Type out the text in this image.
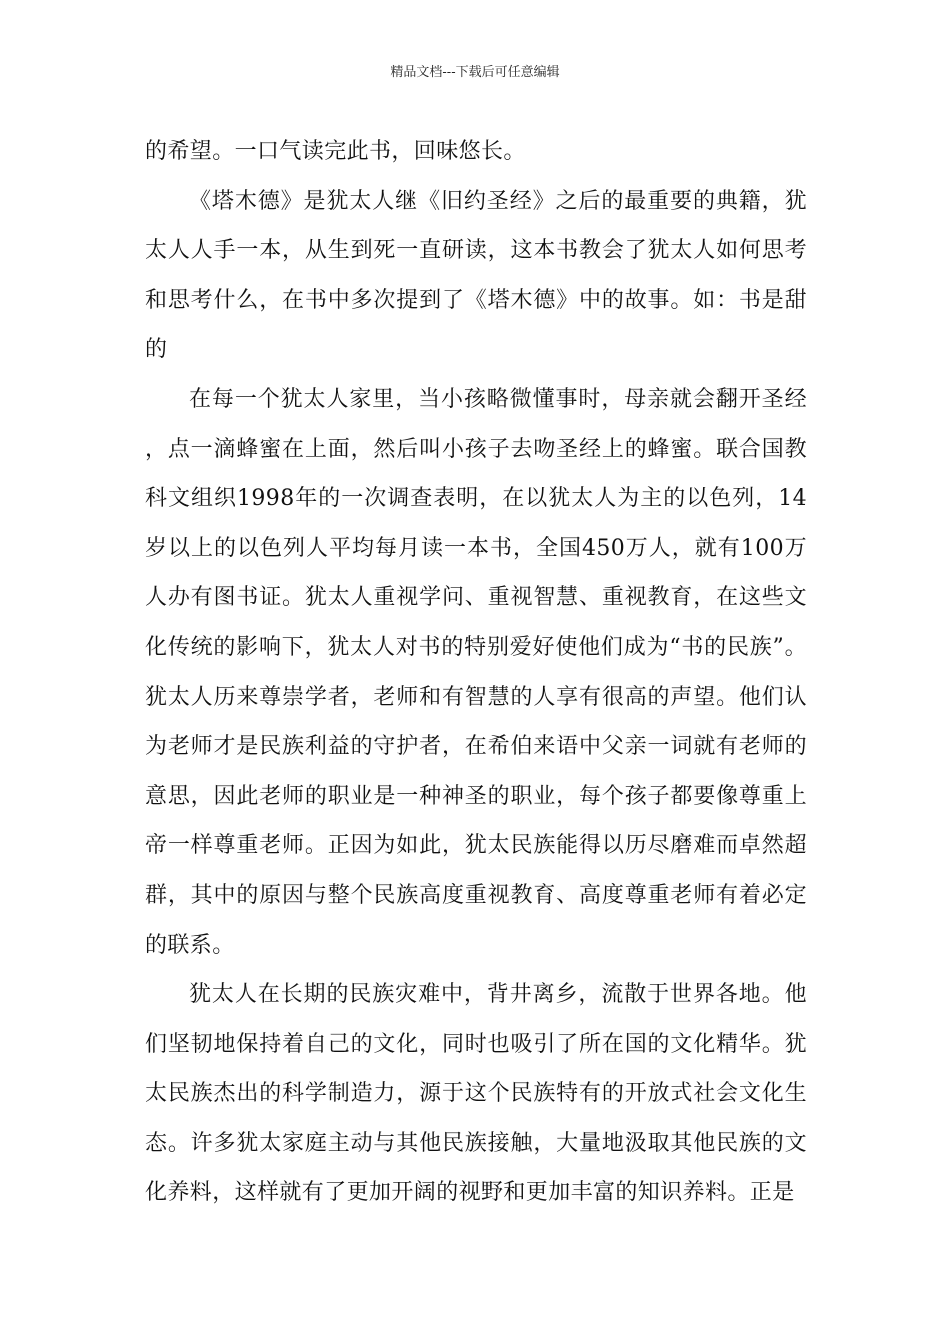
精品文档---下载后可任意编辑

的希望。一口气读完此书，回味悠长。

《塔木德》是犹太人继《旧约圣经》之后的最重要的典籍，犹太人人手一本，从生到死一直研读，这本书教会了犹太人如何思考和思考什么，在书中多次提到了《塔木德》中的故事。如：书是甜的

在每一个犹太人家里，当小孩略微懂事时，母亲就会翻开圣经，点一滴蜂蜜在上面，然后叫小孩子去吻圣经上的蜂蜜。联合国教科文组织1998年的一次调查表明，在以犹太人为主的以色列，14岁以上的以色列人平均每月读一本书，全国450万人，就有100万人办有图书证。犹太人重视学问、重视智慧、重视教育，在这些文化传统的影响下，犹太人对书的特别爱好使他们成为“书的民族”。犹太人历来尊崇学者，老师和有智慧的人享有很高的声望。他们认为老师才是民族利益的守护者，在希伯来语中父亲一词就有老师的意思，因此老师的职业是一种神圣的职业，每个孩子都要像尊重上帝一样尊重老师。正因为如此，犹太民族能得以历尽磨难而卓然超群，其中的原因与整个民族高度重视教育、高度尊重老师有着必定的联系。

犹太人在长期的民族灾难中，背井离乡，流散于世界各地。他们坚韧地保持着自己的文化，同时也吸引了所在国的文化精华。犹太民族杰出的科学制造力，源于这个民族特有的开放式社会文化生态。许多犹太家庭主动与其他民族接触，大量地汲取其他民族的文化养料，这样就有了更加开阔的视野和更加丰富的知识养料。正是
